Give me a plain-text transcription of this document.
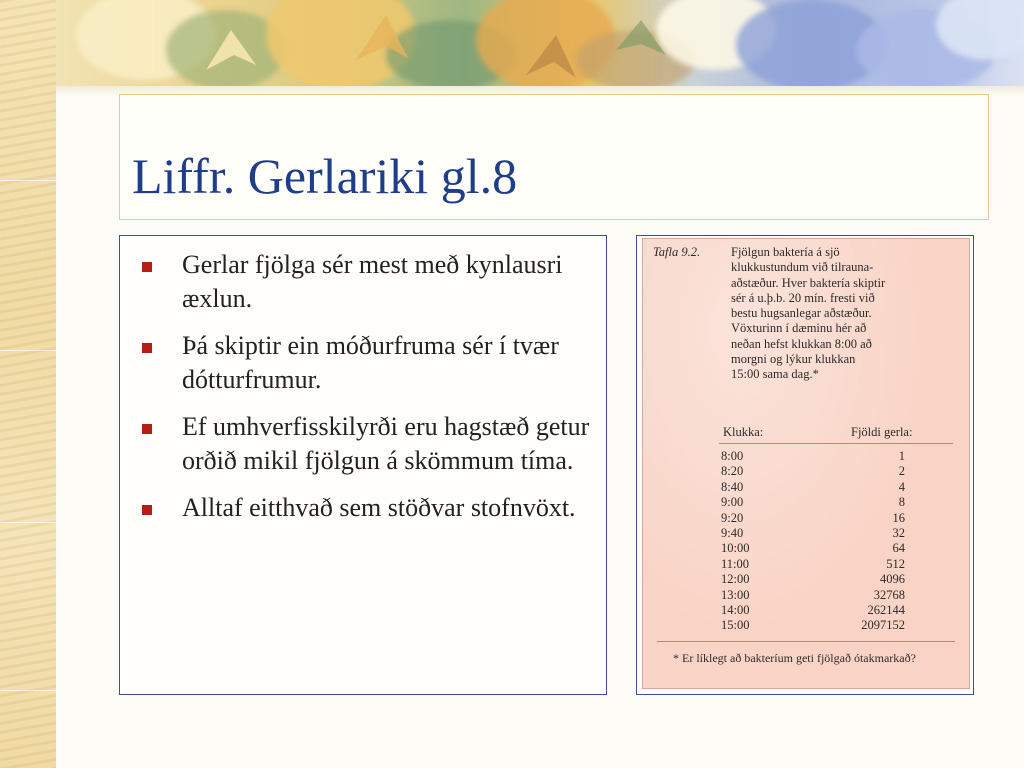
Liffr. Gerlariki gl.8
Gerlar fjölga sér mest með kynlausri æxlun.
Þá skiptir ein móðurfruma sér í tvær dótturfrumur.
Ef umhverfisskilyrði eru hagstæð getur orðið mikil fjölgun á skömmum tíma.
Alltaf eitthvað sem stöðvar stofnvöxt.
Tafla 9.2. Fjölgun baktería á sjö
klukkustundum við tilrauna-
aðstæður. Hver baktería skiptir
sér á u.þ.b. 20 mín. fresti við
bestu hugsanlegar aðstæður.
Vöxturinn í dæminu hér að
neðan hefst klukkan 8:00 að
morgni og lýkur klukkan
15:00 sama dag.*
Klukka:	Fjöldi gerla:
8:00	1
8:20	2
8:40	4
9:00	8
9:20	16
9:40	32
10:00	64
11:00	512
12:00	4096
13:00	32768
14:00	262144
15:00	2097152
* Er líklegt að bakteríum geti fjölgað ótakmarkað?
